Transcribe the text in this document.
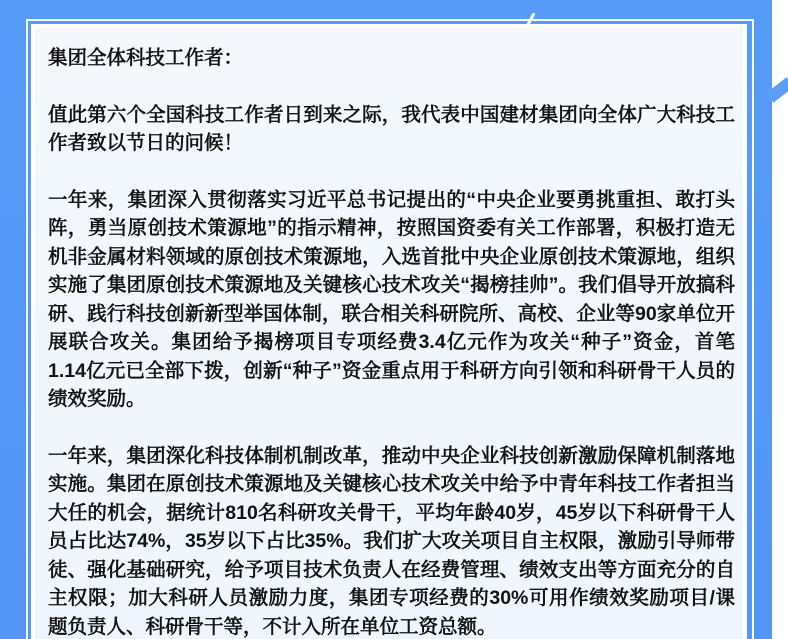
集团全体科技工作者：

值此第六个全国科技工作者日到来之际，我代表中国建材集团向全体广大科技工作者致以节日的问候！

一年来，集团深入贯彻落实习近平总书记提出的“中央企业要勇挑重担、敢打头阵，勇当原创技术策源地”的指示精神，按照国资委有关工作部署，积极打造无机非金属材料领域的原创技术策源地，入选首批中央企业原创技术策源地，组织实施了集团原创技术策源地及关键核心技术攻关“揭榜挂帅”。我们倡导开放搞科研、践行科技创新新型举国体制，联合相关科研院所、高校、企业等90家单位开展联合攻关。集团给予揭榜项目专项经费3.4亿元作为攻关“种子”资金，首笔1.14亿元已全部下拨，创新“种子”资金重点用于科研方向引领和科研骨干人员的绩效奖励。

一年来，集团深化科技体制机制改革，推动中央企业科技创新激励保障机制落地实施。集团在原创技术策源地及关键核心技术攻关中给予中青年科技工作者担当大任的机会，据统计810名科研攻关骨干，平均年龄40岁，45岁以下科研骨干人员占比达74%，35岁以下占比35%。我们扩大攻关项目自主权限，激励引导师带徒、强化基础研究，给予项目技术负责人在经费管理、绩效支出等方面充分的自主权限；加大科研人员激励力度，集团专项经费的30%可用作绩效奖励项目/课题负责人、科研骨干等，不计入所在单位工资总额。
